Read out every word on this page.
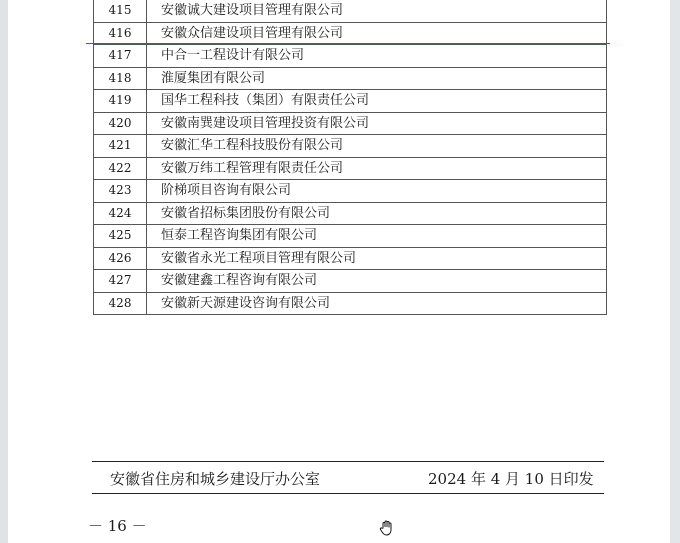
415	安徽诚大建设项目管理有限公司
416	安徽众信建设项目管理有限公司
417	中合一工程设计有限公司
418	淮厦集团有限公司
419	国华工程科技（集团）有限责任公司
420	安徽南巽建设项目管理投资有限公司
421	安徽汇华工程科技股份有限公司
422	安徽万纬工程管理有限责任公司
423	阶梯项目咨询有限公司
424	安徽省招标集团股份有限公司
425	恒泰工程咨询集团有限公司
426	安徽省永光工程项目管理有限公司
427	安徽建鑫工程咨询有限公司
428	安徽新天源建设咨询有限公司
安徽省住房和城乡建设厅办公室	2024 年 4 月 10 日印发
－ 16 －
